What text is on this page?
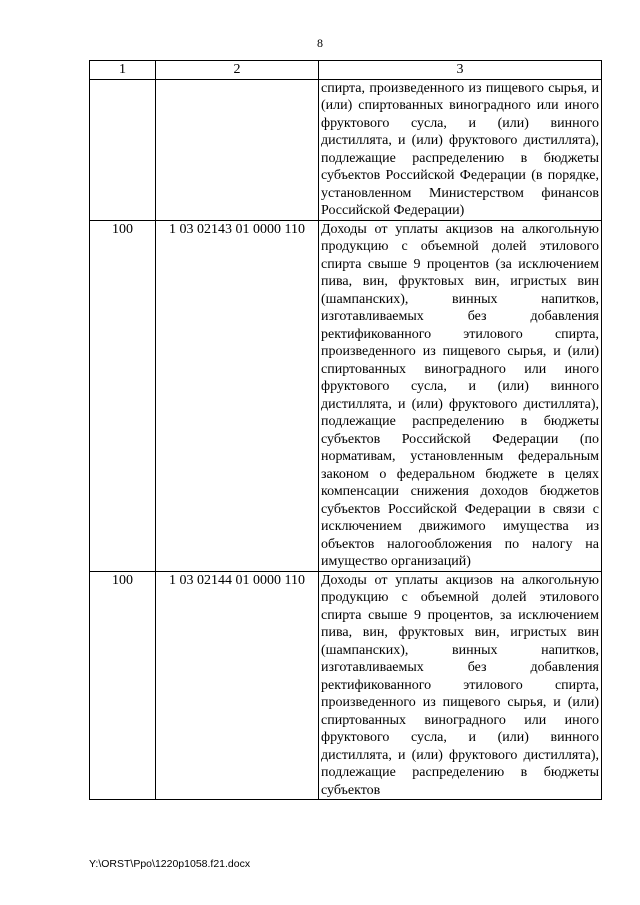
8
1	2	3
		спирта, произведенного из пищевого сырья, и (или) спиртованных виноградного или иного фруктового сусла, и (или) винного дистиллята, и (или) фруктового дистиллята), подлежащие распределению в бюджеты субъектов Российской Федерации (в порядке, установленном Министерством финансов Российской Федерации)
100	1 03 02143 01 0000 110	Доходы от уплаты акцизов на алкогольную продукцию с объемной долей этилового спирта свыше 9 процентов (за исключением пива, вин, фруктовых вин, игристых вин (шампанских), винных напитков, изготавливаемых без добавления ректификованного этилового спирта, произведенного из пищевого сырья, и (или) спиртованных виноградного или иного фруктового сусла, и (или) винного дистиллята, и (или) фруктового дистиллята), подлежащие распределению в бюджеты субъектов Российской Федерации (по нормативам, установленным федеральным законом о федеральном бюджете в целях компенсации снижения доходов бюджетов субъектов Российской Федерации в связи с исключением движимого имущества из объектов налогообложения по налогу на имущество организаций)
100	1 03 02144 01 0000 110	Доходы от уплаты акцизов на алкогольную продукцию с объемной долей этилового спирта свыше 9 процентов, за исключением пива, вин, фруктовых вин, игристых вин (шампанских), винных напитков, изготавливаемых без добавления ректификованного этилового спирта, произведенного из пищевого сырья, и (или) спиртованных виноградного или иного фруктового сусла, и (или) винного дистиллята, и (или) фруктового дистиллята), подлежащие распределению в бюджеты субъектов
Y:\ORST\Ppo\1220p1058.f21.docx
